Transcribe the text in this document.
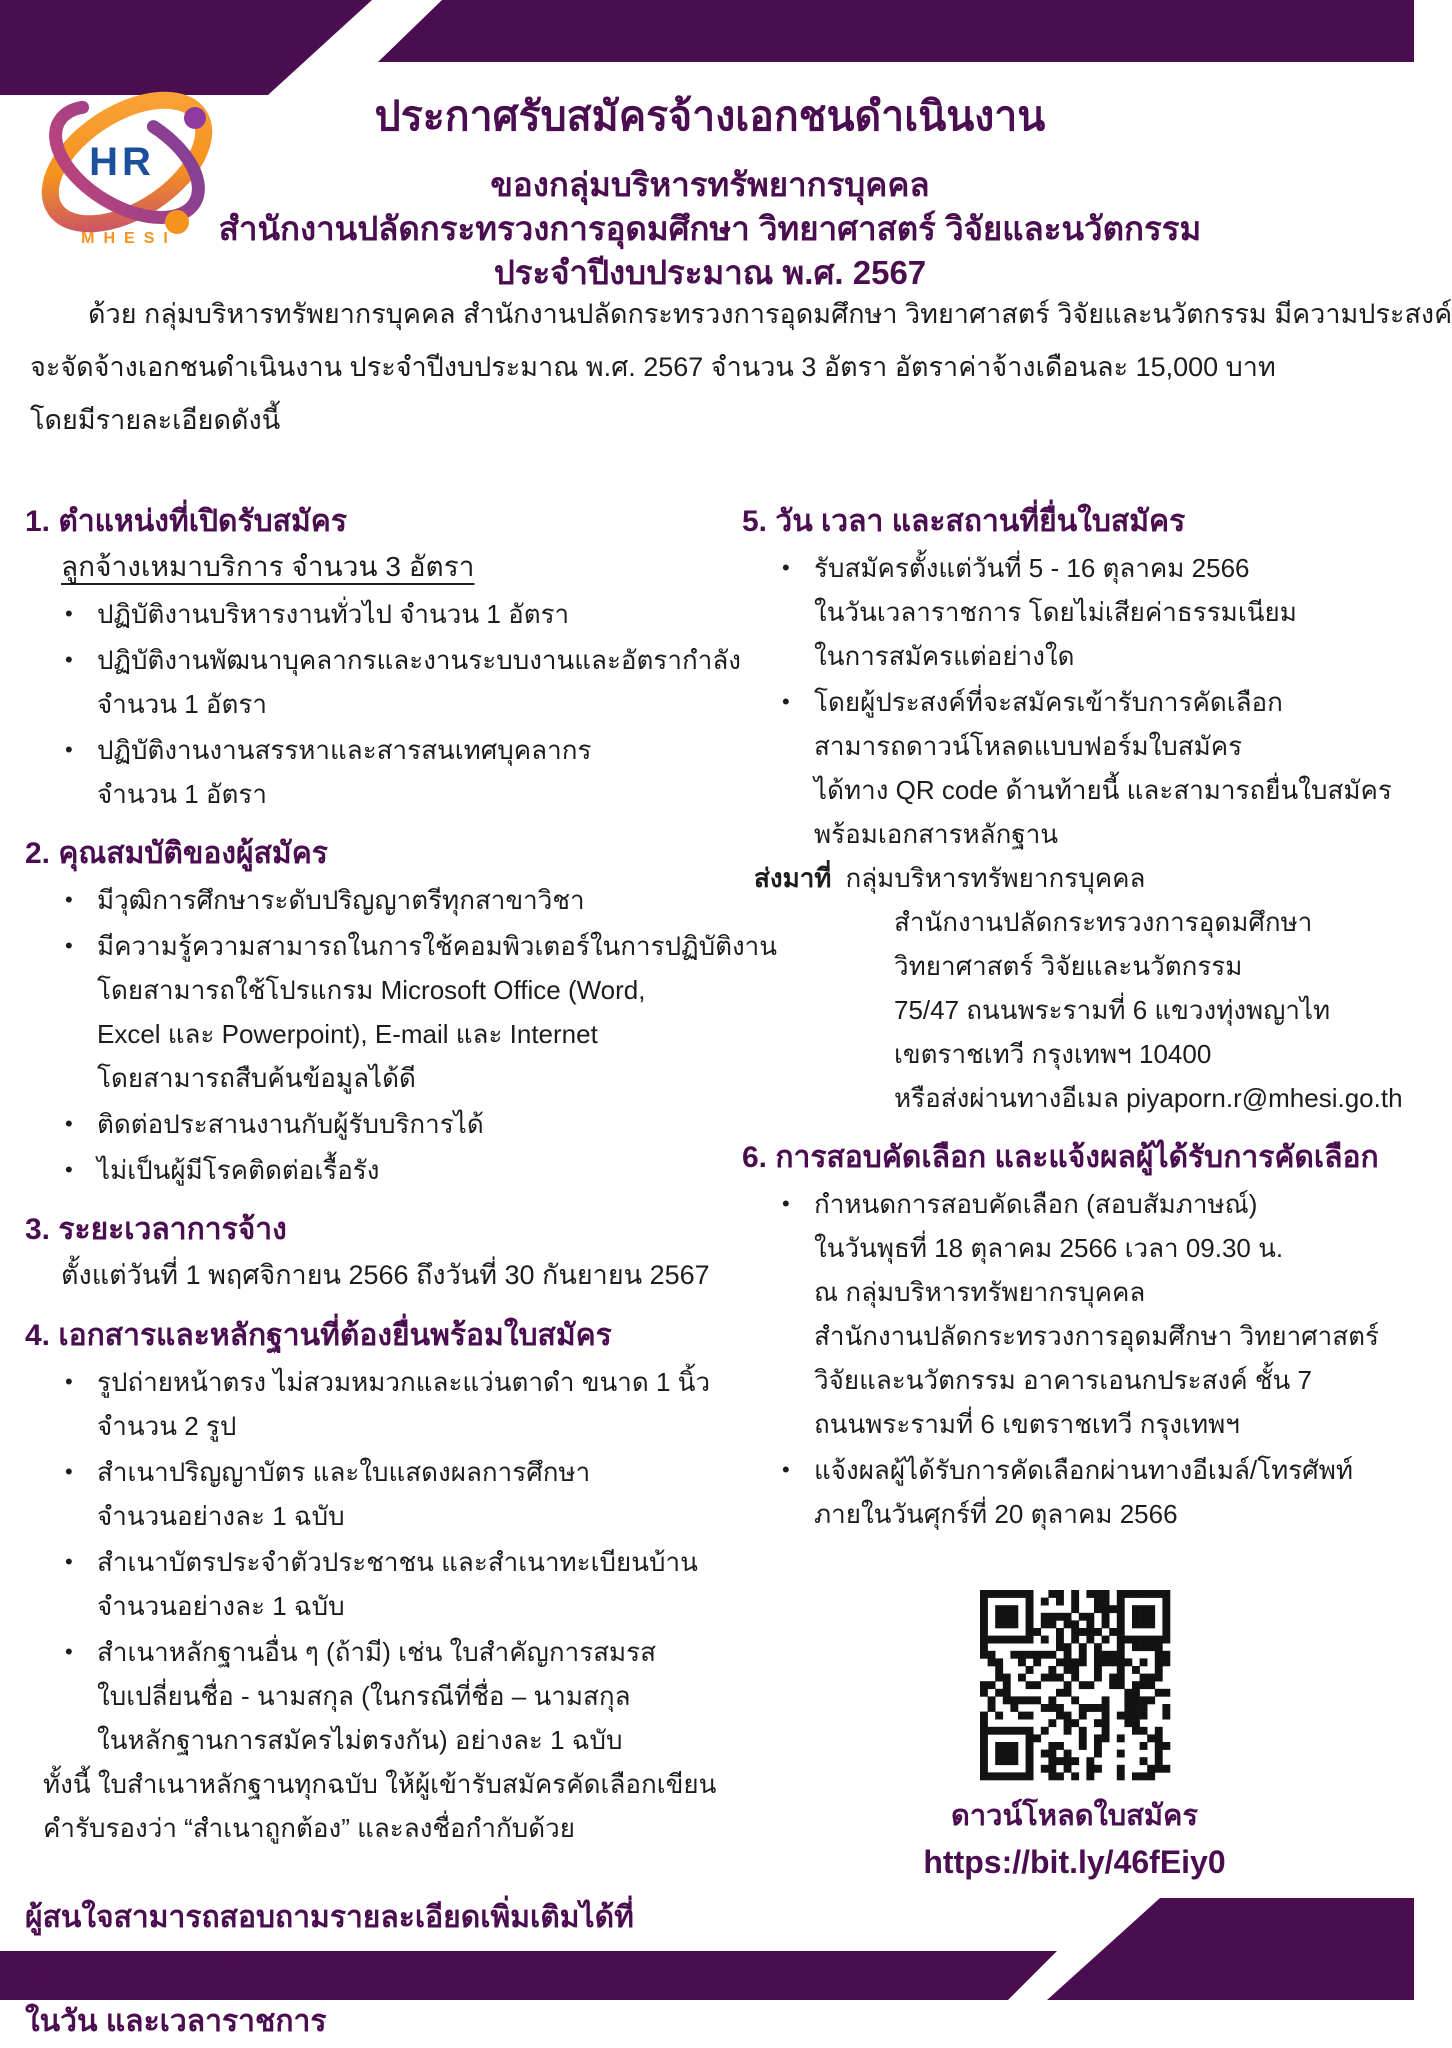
HR
MHESI
ประกาศรับสมัครจ้างเอกชนดำเนินงาน
ของกลุ่มบริหารทรัพยากรบุคคล
สำนักงานปลัดกระทรวงการอุดมศึกษา วิทยาศาสตร์ วิจัยและนวัตกรรม
ประจำปีงบประมาณ พ.ศ. 2567
ด้วย กลุ่มบริหารทรัพยากรบุคคล สำนักงานปลัดกระทรวงการอุดมศึกษา วิทยาศาสตร์ วิจัยและนวัตกรรม มีความประสงค์
จะจัดจ้างเอกชนดำเนินงาน ประจำปีงบประมาณ พ.ศ. 2567 จำนวน 3 อัตรา อัตราค่าจ้างเดือนละ 15,000 บาท
โดยมีรายละเอียดดังนี้
1. ตำแหน่งที่เปิดรับสมัคร
ลูกจ้างเหมาบริการ จำนวน 3 อัตรา
• ปฏิบัติงานบริหารงานทั่วไป จำนวน 1 อัตรา
• ปฏิบัติงานพัฒนาบุคลากรและงานระบบงานและอัตรากำลัง
จำนวน 1 อัตรา
• ปฏิบัติงานงานสรรหาและสารสนเทศบุคลากร
จำนวน 1 อัตรา
2. คุณสมบัติของผู้สมัคร
• มีวุฒิการศึกษาระดับปริญญาตรีทุกสาขาวิชา
• มีความรู้ความสามารถในการใช้คอมพิวเตอร์ในการปฏิบัติงาน
โดยสามารถใช้โปรแกรม Microsoft Office (Word,
Excel และ Powerpoint), E-mail และ Internet
โดยสามารถสืบค้นข้อมูลได้ดี
• ติดต่อประสานงานกับผู้รับบริการได้
• ไม่เป็นผู้มีโรคติดต่อเรื้อรัง
3. ระยะเวลาการจ้าง
ตั้งแต่วันที่ 1 พฤศจิกายน 2566 ถึงวันที่ 30 กันยายน 2567
4. เอกสารและหลักฐานที่ต้องยื่นพร้อมใบสมัคร
• รูปถ่ายหน้าตรง ไม่สวมหมวกและแว่นตาดำ ขนาด 1 นิ้ว
จำนวน 2 รูป
• สำเนาปริญญาบัตร และใบแสดงผลการศึกษา
จำนวนอย่างละ 1 ฉบับ
• สำเนาบัตรประจำตัวประชาชน และสำเนาทะเบียนบ้าน
จำนวนอย่างละ 1 ฉบับ
• สำเนาหลักฐานอื่น ๆ (ถ้ามี) เช่น ใบสำคัญการสมรส
ใบเปลี่ยนชื่อ - นามสกุล (ในกรณีที่ชื่อ – นามสกุล
ในหลักฐานการสมัครไม่ตรงกัน) อย่างละ 1 ฉบับ
ทั้งนี้ ใบสำเนาหลักฐานทุกฉบับ ให้ผู้เข้ารับสมัครคัดเลือกเขียน
คำรับรองว่า “สำเนาถูกต้อง” และลงชื่อกำกับด้วย
ผู้สนใจสามารถสอบถามรายละเอียดเพิ่มเติมได้ที่
หมายเลขโทรศัพท์ 0 2333 3756
ในวัน และเวลาราชการ
5. วัน เวลา และสถานที่ยื่นใบสมัคร
• รับสมัครตั้งแต่วันที่ 5 - 16 ตุลาคม 2566
ในวันเวลาราชการ โดยไม่เสียค่าธรรมเนียม
ในการสมัครแต่อย่างใด
• โดยผู้ประสงค์ที่จะสมัครเข้ารับการคัดเลือก
สามารถดาวน์โหลดแบบฟอร์มใบสมัคร
ได้ทาง QR code ด้านท้ายนี้ และสามารถยื่นใบสมัคร
พร้อมเอกสารหลักฐาน
ส่งมาที่ กลุ่มบริหารทรัพยากรบุคคล
สำนักงานปลัดกระทรวงการอุดมศึกษา
วิทยาศาสตร์ วิจัยและนวัตกรรม
75/47 ถนนพระรามที่ 6 แขวงทุ่งพญาไท
เขตราชเทวี กรุงเทพฯ 10400
หรือส่งผ่านทางอีเมล piyaporn.r@mhesi.go.th
6. การสอบคัดเลือก และแจ้งผลผู้ได้รับการคัดเลือก
• กำหนดการสอบคัดเลือก (สอบสัมภาษณ์)
ในวันพุธที่ 18 ตุลาคม 2566 เวลา 09.30 น.
ณ กลุ่มบริหารทรัพยากรบุคคล
สำนักงานปลัดกระทรวงการอุดมศึกษา วิทยาศาสตร์
วิจัยและนวัตกรรม อาคารเอนกประสงค์ ชั้น 7
ถนนพระรามที่ 6 เขตราชเทวี กรุงเทพฯ
• แจ้งผลผู้ได้รับการคัดเลือกผ่านทางอีเมล์/โทรศัพท์
ภายในวันศุกร์ที่ 20 ตุลาคม 2566
ดาวน์โหลดใบสมัคร
https://bit.ly/46fEiy0
